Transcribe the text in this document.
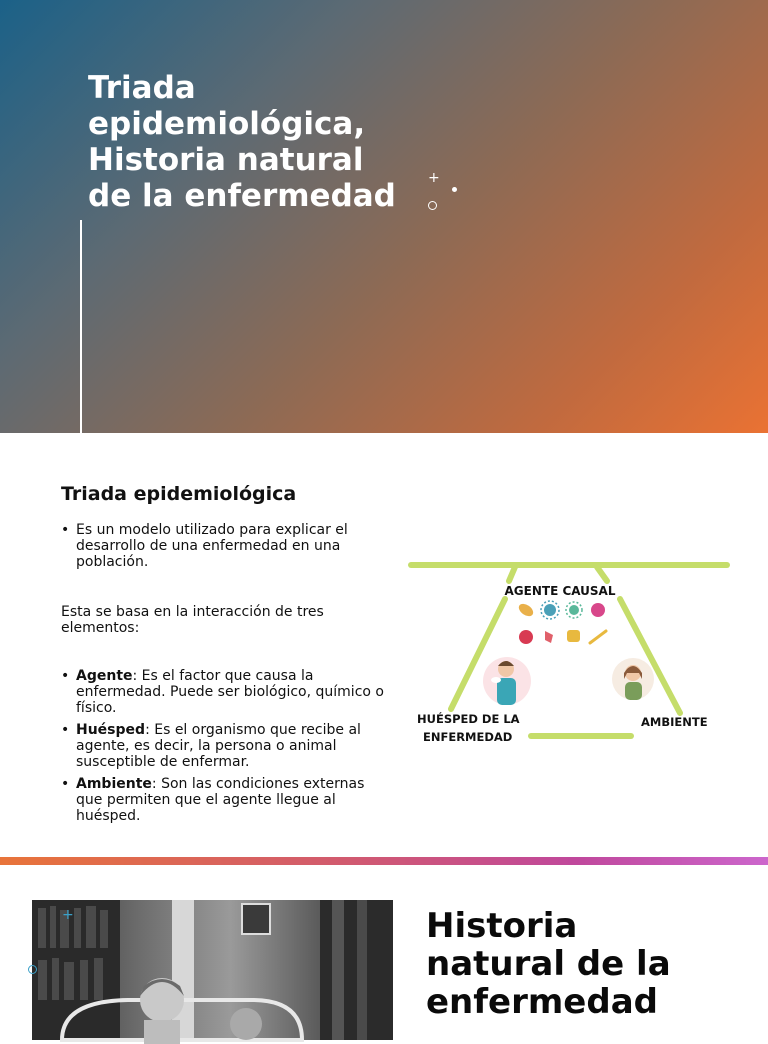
Triada
epidemiológica,
Historia natural
de la enfermedad	+
Triada epidemiológica
• Es un modelo utilizado para explicar el desarrollo de una enfermedad en una población.

Esta se basa en la interacción de tres elementos:

• Agente: Es el factor que causa la enfermedad. Puede ser biológico, químico o físico.
• Huésped: Es el organismo que recibe al agente, es decir, la persona o animal susceptible de enfermar.
• Ambiente: Son las condiciones externas que permiten que el agente llegue al huésped.

AGENTE CAUSAL
HUÉSPED DE LA
ENFERMEDAD
AMBIENTE
+	Historia
natural de la
enfermedad
